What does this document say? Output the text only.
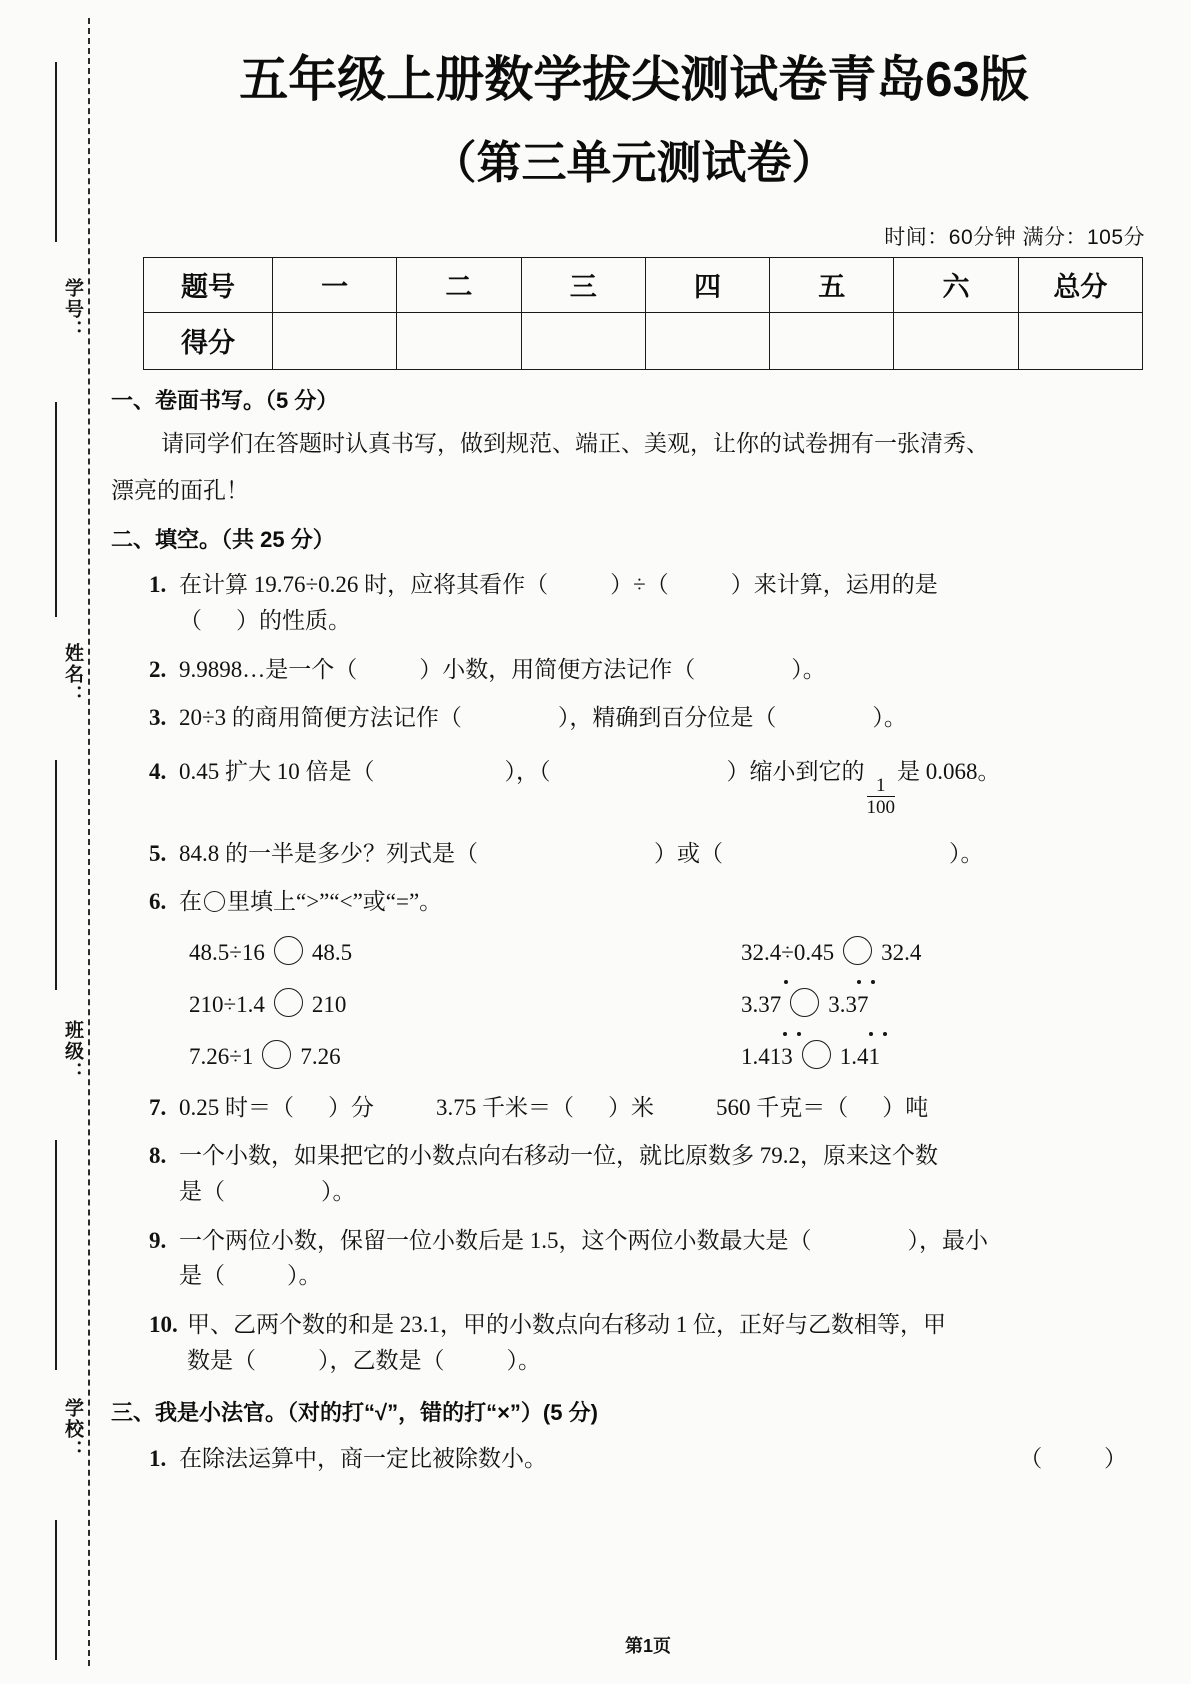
学号：
姓名：
班级：
学校：
五年级上册数学拔尖测试卷青岛63版
（第三单元测试卷）
时间：60分钟 满分：105分
题号	一	二	三	四	五	六	总分
得分							
一、卷面书写。（5 分）
请同学们在答题时认真书写，做到规范、端正、美观，让你的试卷拥有一张清秀、
漂亮的面孔！
二、填空。（共 25 分）
1. 在计算 19.76÷0.26 时，应将其看作（	）÷（	）来计算，运用的是
（ ）的性质。
2. 9.9898…是一个（	）小数，用简便方法记作（	）。
3. 20÷3 的商用简便方法记作（	），精确到百分位是（	）。
4. 0.45 扩大 10 倍是（	），（	）缩小到它的
$\frac{1}{100}$
是 0.068。
5. 84.8 的一半是多少？列式是（	）或（	）。
6. 在 里填上“>”“<”或“=”。
48.5÷16 48.5	32.4÷0.45 32.4
210÷1.4 210	3.37 3.37
7.26÷1 7.26	1.413 1.41
7. 0.25 时＝（ ）分	3.75 千米＝（ ）米	560 千克＝（ ）吨
8. 一个小数，如果把它的小数点向右移动一位，就比原数多 79.2，原来这个数
是（	）。
9. 一个两位小数，保留一位小数后是 1.5，这个两位小数最大是（	），最小
是（	）。
10. 甲、乙两个数的和是 23.1，甲的小数点向右移动 1 位，正好与乙数相等，甲
数是（	），乙数是（	）。
三、我是小法官。（对的打“√”，错的打“×”）(5 分)
1. 在除法运算中，商一定比被除数小。	（ ）
第1页
